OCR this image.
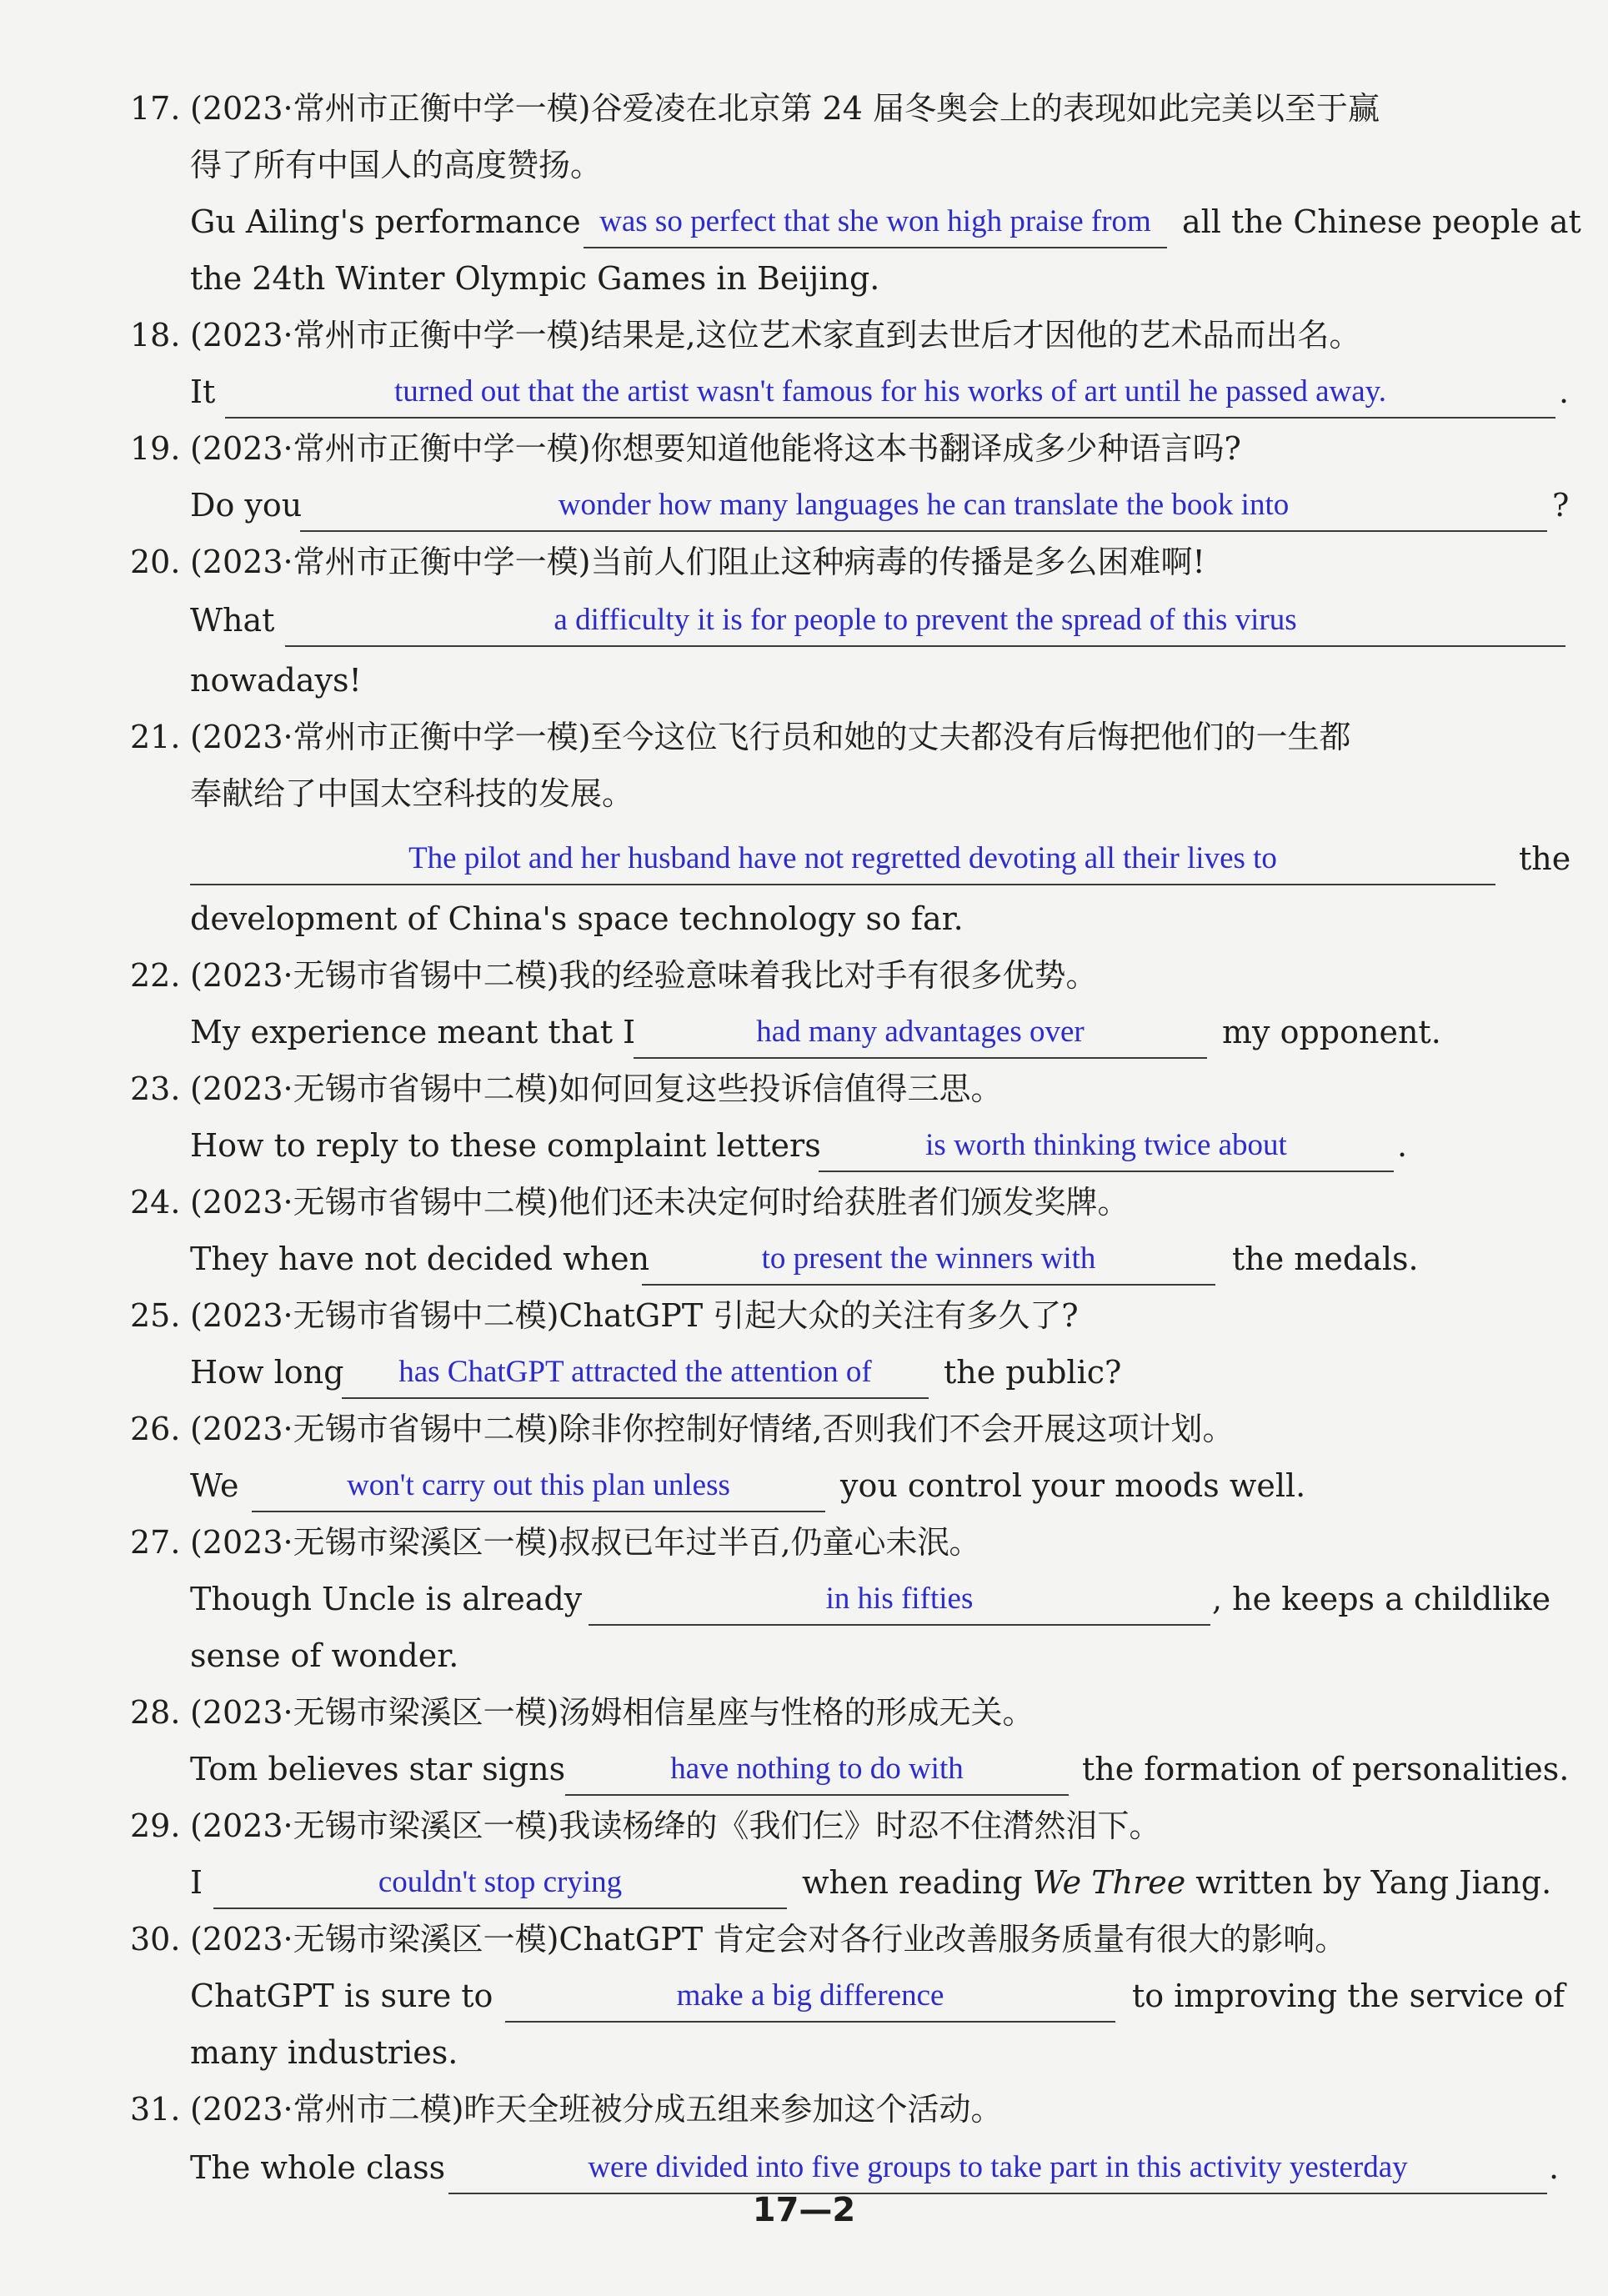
17. (2023·常州市正衡中学一模)谷爱凌在北京第 24 届冬奥会上的表现如此完美以至于赢
得了所有中国人的高度赞扬。
Gu Ailing's performance was so perfect that she won high praise from all the Chinese people at
the 24th Winter Olympic Games in Beijing.
18. (2023·常州市正衡中学一模)结果是,这位艺术家直到去世后才因他的艺术品而出名。
It	turned out that the artist wasn't famous for his works of art until he passed away.	.
19. (2023·常州市正衡中学一模)你想要知道他能将这本书翻译成多少种语言吗?
Do you	wonder how many languages he can translate the book into	?
20. (2023·常州市正衡中学一模)当前人们阻止这种病毒的传播是多么困难啊!
What	a difficulty it is for people to prevent the spread of this virus
nowadays!
21. (2023·常州市正衡中学一模)至今这位飞行员和她的丈夫都没有后悔把他们的一生都
奉献给了中国太空科技的发展。
The pilot and her husband have not regretted devoting all their lives to	the
development of China's space technology so far.
22. (2023·无锡市省锡中二模)我的经验意味着我比对手有很多优势。
My experience meant that I	had many advantages over	my opponent.
23. (2023·无锡市省锡中二模)如何回复这些投诉信值得三思。
How to reply to these complaint letters	is worth thinking twice about	.
24. (2023·无锡市省锡中二模)他们还未决定何时给获胜者们颁发奖牌。
They have not decided when	to present the winners with	the medals.
25. (2023·无锡市省锡中二模)ChatGPT 引起大众的关注有多久了?
How long	has ChatGPT attracted the attention of	the public?
26. (2023·无锡市省锡中二模)除非你控制好情绪,否则我们不会开展这项计划。
We	won't carry out this plan unless	you control your moods well.
27. (2023·无锡市梁溪区一模)叔叔已年过半百,仍童心未泯。
Though Uncle is already	in his fifties	, he keeps a childlike
sense of wonder.
28. (2023·无锡市梁溪区一模)汤姆相信星座与性格的形成无关。
Tom believes star signs	have nothing to do with	the formation of personalities.
29. (2023·无锡市梁溪区一模)我读杨绛的《我们仨》时忍不住潸然泪下。
I	couldn't stop crying	when reading We Three written by Yang Jiang.
30. (2023·无锡市梁溪区一模)ChatGPT 肯定会对各行业改善服务质量有很大的影响。
ChatGPT is sure to	make a big difference	to improving the service of
many industries.
31. (2023·常州市二模)昨天全班被分成五组来参加这个活动。
The whole class	were divided into five groups to take part in this activity yesterday	.
17—2
